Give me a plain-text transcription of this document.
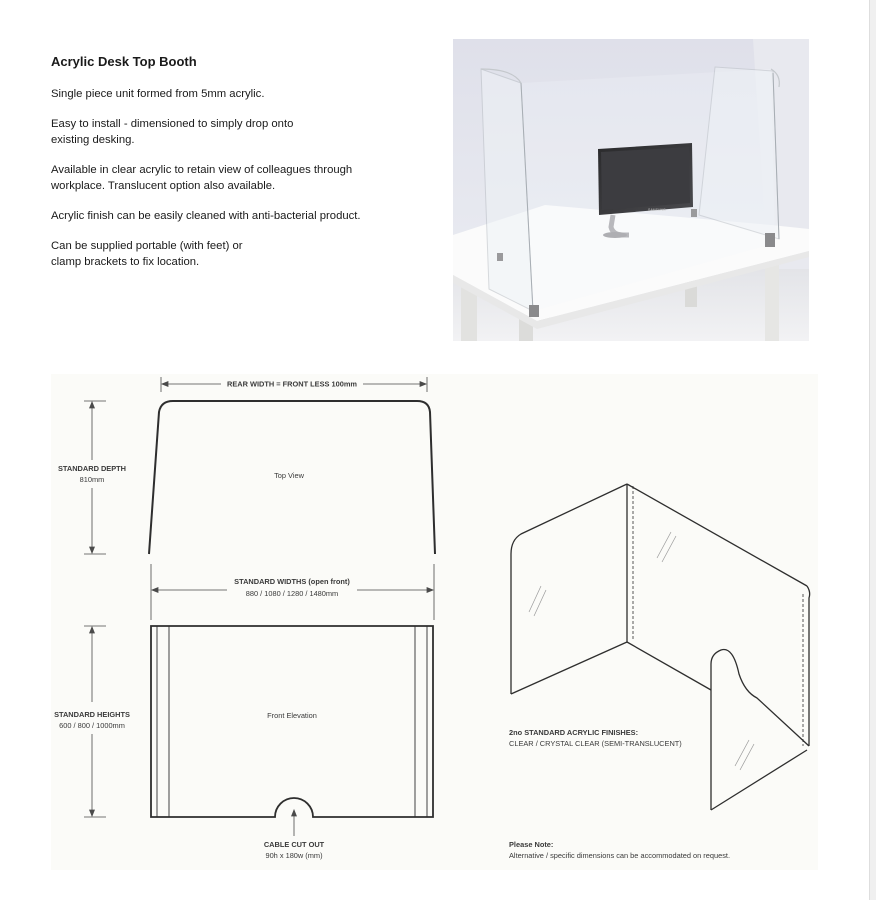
Acrylic Desk Top Booth

Single piece unit formed from 5mm acrylic.

Easy to install - dimensioned to simply drop onto
existing desking.

Available in clear acrylic to retain view of colleagues through
workplace. Translucent option also available.

Acrylic finish can be easily cleaned with anti-bacterial product.

Can be supplied portable (with feet) or
clamp brackets to fix location.

SAMSUNG
REAR WIDTH = FRONT LESS 100mm
STANDARD DEPTH
810mm	Top View
STANDARD WIDTHS (open front)
880 / 1080 / 1280 / 1480mm
Front Elevation
STANDARD HEIGHTS
600 / 800 / 1000mm
CABLE CUT OUT
90h x 180w (mm)
2no STANDARD ACRYLIC FINISHES:
CLEAR / CRYSTAL CLEAR (SEMI-TRANSLUCENT)
Please Note:
Alternative / specific dimensions can be accommodated on request.
